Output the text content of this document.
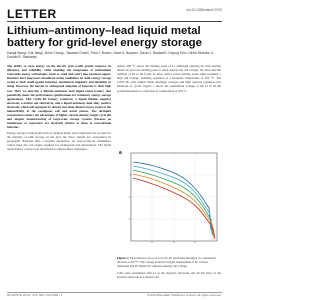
LETTER	doi:10.1038/nature13700
Lithium–antimony–lead liquid metal battery for grid-level energy storage
Kangli Wang¹, Kai Jiang¹, Brice Chung¹, Takanari Ouchi¹, Paul J. Burke¹, Dane A. Boysen¹, David J. Bradwell¹, Hojong Kim¹, Ulrich Muecke¹ & Donald R. Sadoway¹

The ability to store energy on the electric grid would greatly improve its efficiency and reliability while enabling the integration of intermittent renewable energy technologies (such as wind and solar) into baseload supply. Batteries have long been considered strong candidates for bulk energy storage owing to their small spatial footprint, mechanical simplicity and flexibility in siting. However, the barrier to widespread adoption of batteries is their high cost. Here we describe a lithium–antimony–lead liquid metal battery that potentially meets the performance specifications for stationary energy storage applications. This Li||Sb–Pb battery comprises a liquid lithium negative electrode, a molten salt electrolyte, and a liquid antimony–lead alloy positive electrode, which self-segregate by density into three distinct layers owing to the immiscibility of the contiguous salt and metal phases. The all-liquid construction confers the advantages of higher current density, longer cycle life and simpler manufacturing of large-scale storage systems (because no membranes or separators are involved) relative to those of conventional batteries.

Energy storage technologies such as pumped hydro and compressed air account for the majority of bulk storage on the grid, but these options are constrained by geography. Batteries offer a flexible alternative, yet state-of-the-art chemistries cannot meet the cost targets required for widespread grid deployment. The liquid metal battery concept was developed to address these challenges.

almost 500 °C above the melting point of Li. Although alloying Sb with another metal can lower its melting point, it often reduces the cell voltage. We show that the addition of Pb to Sb forms an alloy with a lower melting point while retaining a high cell voltage, enabling operation at a moderate temperature of 450 °C. The Li||Sb–Pb cells exhibit stable discharge voltages and high capacity retention over hundreds of cycles. Figure 1 shows the equilibrium voltage of the Li in Sb–Pb system measured as a function of composition at 450 °C.

a
Figure 1 | Electromotive force of Li in Sb–Pb electrodes measured by coulometric titration at 450 °C. The voltage plateau is largely independent of Pb content, indicating that Pb dilutes Sb without reducing cell voltage.
Cells were assembled with Li as the negative electrode and Sb–Pb alloy as the positive electrode in a molten salt.
00 MONTH 2014 | VOL 000 | NATURE | 1	©2014 Macmillan Publishers Limited. All rights reserved
